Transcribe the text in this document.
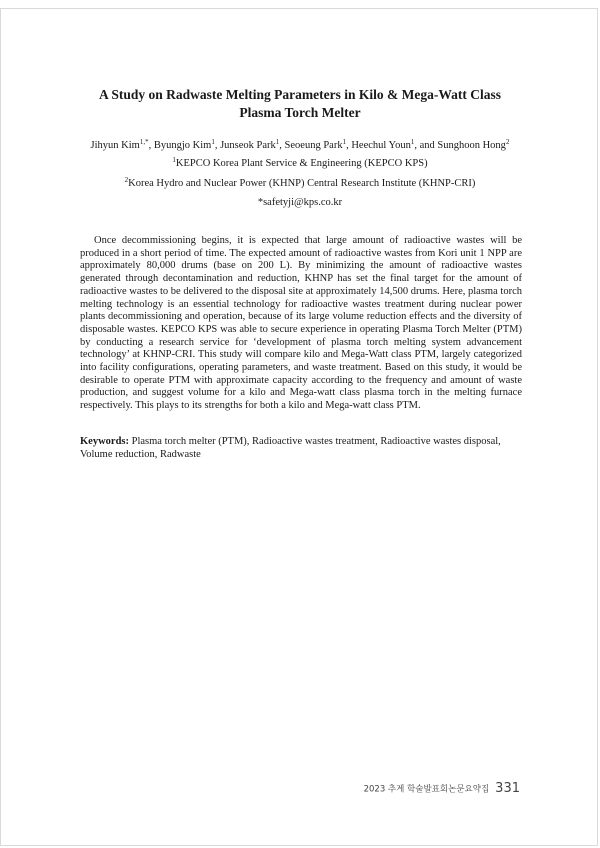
A Study on Radwaste Melting Parameters in Kilo & Mega-Watt Class
Plasma Torch Melter
Jihyun Kim$^{1,*}$, Byungjo Kim$^1$, Junseok Park$^1$, Seoeung Park$^1$, Heechul Youn$^1$, and Sunghoon Hong$^2$
$^1$KEPCO Korea Plant Service & Engineering (KEPCO KPS)
$^2$Korea Hydro and Nuclear Power (KHNP) Central Research Institute (KHNP-CRI)
*safetyji@kps.co.kr

Once decommissioning begins, it is expected that large amount of radioactive wastes will be produced in a short period of time. The expected amount of radioactive wastes from Kori unit 1 NPP are approximately 80,000 drums (base on 200 L). By minimizing the amount of radioactive wastes generated through decontamination and reduction, KHNP has set the final target for the amount of radioactive wastes to be delivered to the disposal site at approximately 14,500 drums. Here, plasma torch melting technology is an essential technology for radioactive wastes treatment during nuclear power plants decommissioning and operation, because of its large volume reduction effects and the diversity of disposable wastes. KEPCO KPS was able to secure experience in operating Plasma Torch Melter (PTM) by conducting a research service for ‘development of plasma torch melting system advancement technology’ at KHNP-CRI. This study will compare kilo and Mega-Watt class PTM, largely categorized into facility configurations, operating parameters, and waste treatment. Based on this study, it would be desirable to operate PTM with approximate capacity according to the frequency and amount of waste production, and suggest volume for a kilo and Mega-watt class plasma torch in the melting furnace respectively. This plays to its strengths for both a kilo and Mega-watt class PTM.

Keywords: Plasma torch melter (PTM), Radioactive wastes treatment, Radioactive wastes disposal, Volume reduction, Radwaste

2023 추계 학술발표회논문요약집 331
